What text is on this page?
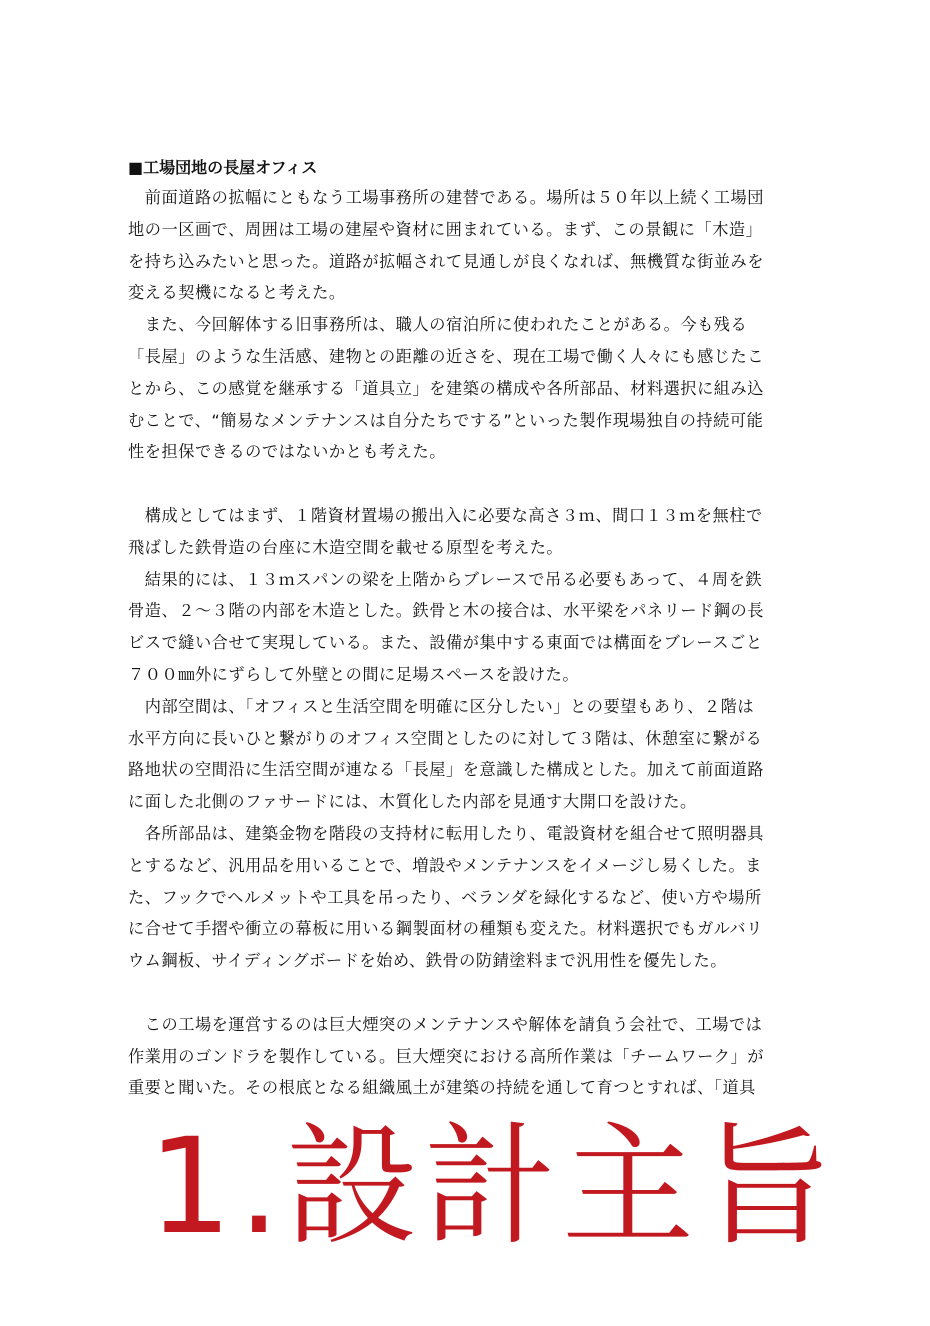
■工場団地の長屋オフィス

　前面道路の拡幅にともなう工場事務所の建替である。場所は５０年以上続く工場団

地の一区画で、周囲は工場の建屋や資材に囲まれている。まず、この景観に「木造」

を持ち込みたいと思った。道路が拡幅されて見通しが良くなれば、無機質な街並みを

変える契機になると考えた。

　また、今回解体する旧事務所は、職人の宿泊所に使われたことがある。今も残る

「長屋」のような生活感、建物との距離の近さを、現在工場で働く人々にも感じたこ

とから、この感覚を継承する「道具立」を建築の構成や各所部品、材料選択に組み込

むことで、“簡易なメンテナンスは自分たちでする”といった製作現場独自の持続可能

性を担保できるのではないかとも考えた。

　構成としてはまず、１階資材置場の搬出入に必要な高さ３ｍ、間口１３ｍを無柱で

飛ばした鉄骨造の台座に木造空間を載せる原型を考えた。

　結果的には、１３ｍスパンの梁を上階からブレースで吊る必要もあって、４周を鉄

骨造、２～３階の内部を木造とした。鉄骨と木の接合は、水平梁をパネリード鋼の長

ビスで縫い合せて実現している。また、設備が集中する東面では構面をブレースごと

７００㎜外にずらして外壁との間に足場スペースを設けた。

　内部空間は、「オフィスと生活空間を明確に区分したい」との要望もあり、２階は

水平方向に長いひと繋がりのオフィス空間としたのに対して３階は、休憩室に繋がる

路地状の空間沿に生活空間が連なる「長屋」を意識した構成とした。加えて前面道路

に面した北側のファサードには、木質化した内部を見通す大開口を設けた。

　各所部品は、建築金物を階段の支持材に転用したり、電設資材を組合せて照明器具

とするなど、汎用品を用いることで、増設やメンテナンスをイメージし易くした。ま

た、フックでヘルメットや工具を吊ったり、ベランダを緑化するなど、使い方や場所

に合せて手摺や衝立の幕板に用いる鋼製面材の種類も変えた。材料選択でもガルバリ

ウム鋼板、サイディングボードを始め、鉄骨の防錆塗料まで汎用性を優先した。

　この工場を運営するのは巨大煙突のメンテナンスや解体を請負う会社で、工場では

作業用のゴンドラを製作している。巨大煙突における高所作業は「チームワーク」が

重要と聞いた。その根底となる組織風土が建築の持続を通して育つとすれば、「道具

1.設計主旨
